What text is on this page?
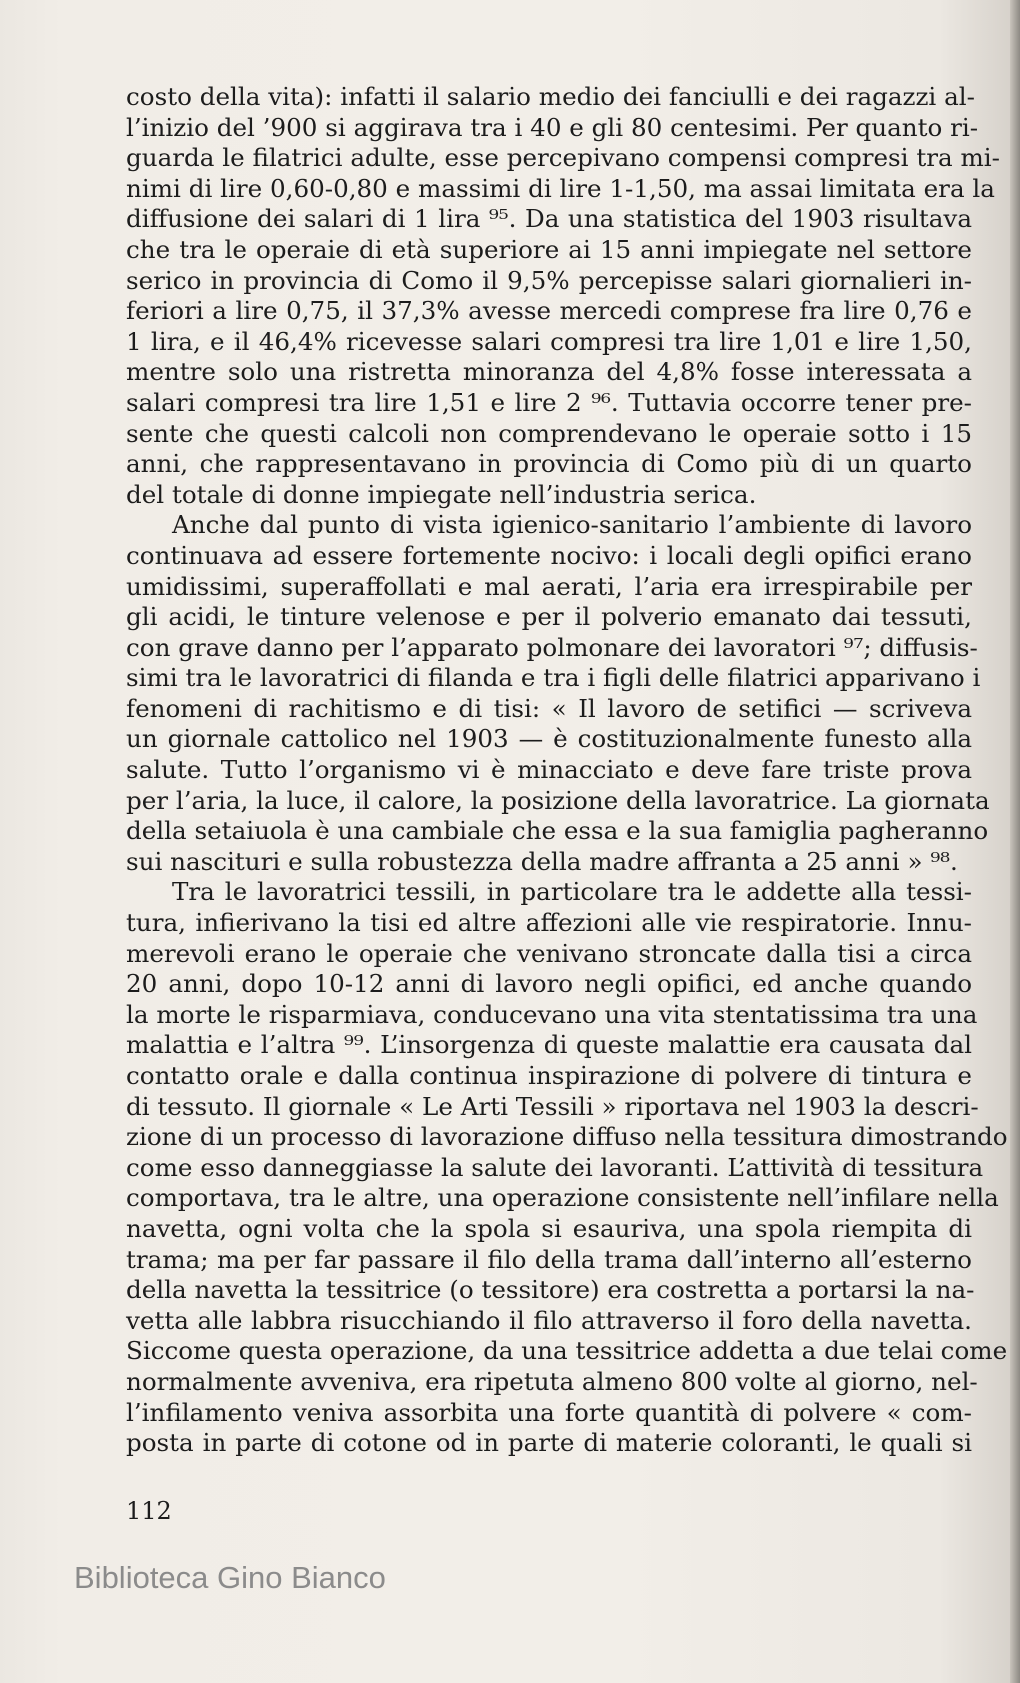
costo della vita): infatti il salario medio dei fanciulli e dei ragazzi al-
l’inizio del ’900 si aggirava tra i 40 e gli 80 centesimi. Per quanto ri-
guarda le filatrici adulte, esse percepivano compensi compresi tra mi-
nimi di lire 0,60-0,80 e massimi di lire 1-1,50, ma assai limitata era la
diffusione dei salari di 1 lira ⁹⁵. Da una statistica del 1903 risultava
che tra le operaie di età superiore ai 15 anni impiegate nel settore
serico in provincia di Como il 9,5% percepisse salari giornalieri in-
feriori a lire 0,75, il 37,3% avesse mercedi comprese fra lire 0,76 e
1 lira, e il 46,4% ricevesse salari compresi tra lire 1,01 e lire 1,50,
mentre solo una ristretta minoranza del 4,8% fosse interessata a
salari compresi tra lire 1,51 e lire 2 ⁹⁶. Tuttavia occorre tener pre-
sente che questi calcoli non comprendevano le operaie sotto i 15
anni, che rappresentavano in provincia di Como più di un quarto
del totale di donne impiegate nell’industria serica.
Anche dal punto di vista igienico-sanitario l’ambiente di lavoro
continuava ad essere fortemente nocivo: i locali degli opifici erano
umidissimi, superaffollati e mal aerati, l’aria era irrespirabile per
gli acidi, le tinture velenose e per il polverio emanato dai tessuti,
con grave danno per l’apparato polmonare dei lavoratori ⁹⁷; diffusis-
simi tra le lavoratrici di filanda e tra i figli delle filatrici apparivano i
fenomeni di rachitismo e di tisi: « Il lavoro de setifici — scriveva
un giornale cattolico nel 1903 — è costituzionalmente funesto alla
salute. Tutto l’organismo vi è minacciato e deve fare triste prova
per l’aria, la luce, il calore, la posizione della lavoratrice. La giornata
della setaiuola è una cambiale che essa e la sua famiglia pagheranno
sui nascituri e sulla robustezza della madre affranta a 25 anni » ⁹⁸.
Tra le lavoratrici tessili, in particolare tra le addette alla tessi-
tura, infierivano la tisi ed altre affezioni alle vie respiratorie. Innu-
merevoli erano le operaie che venivano stroncate dalla tisi a circa
20 anni, dopo 10-12 anni di lavoro negli opifici, ed anche quando
la morte le risparmiava, conducevano una vita stentatissima tra una
malattia e l’altra ⁹⁹. L’insorgenza di queste malattie era causata dal
contatto orale e dalla continua inspirazione di polvere di tintura e
di tessuto. Il giornale « Le Arti Tessili » riportava nel 1903 la descri-
zione di un processo di lavorazione diffuso nella tessitura dimostrando
come esso danneggiasse la salute dei lavoranti. L’attività di tessitura
comportava, tra le altre, una operazione consistente nell’infilare nella
navetta, ogni volta che la spola si esauriva, una spola riempita di
trama; ma per far passare il filo della trama dall’interno all’esterno
della navetta la tessitrice (o tessitore) era costretta a portarsi la na-
vetta alle labbra risucchiando il filo attraverso il foro della navetta.
Siccome questa operazione, da una tessitrice addetta a due telai come
normalmente avveniva, era ripetuta almeno 800 volte al giorno, nel-
l’infilamento veniva assorbita una forte quantità di polvere « com-
posta in parte di cotone od in parte di materie coloranti, le quali si
112
Biblioteca Gino Bianco
